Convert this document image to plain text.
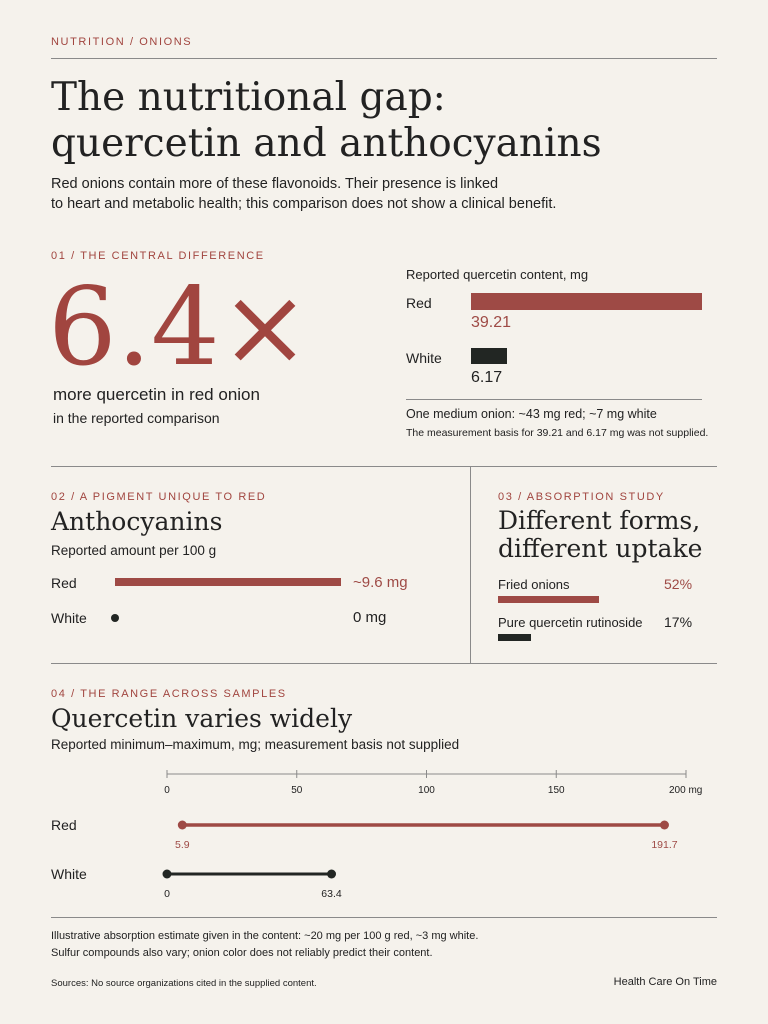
NUTRITION / ONIONS
The nutritional gap:
quercetin and anthocyanins
Red onions contain more of these flavonoids. Their presence is linked
to heart and metabolic health; this comparison does not show a clinical benefit.
01 / THE CENTRAL DIFFERENCE
6.4×
more quercetin in red onion
in the reported comparison
Reported quercetin content, mg
Red
39.21
White
6.17
One medium onion: ~43 mg red; ~7 mg white
The measurement basis for 39.21 and 6.17 mg was not supplied.
02 / A PIGMENT UNIQUE TO RED
Anthocyanins
Reported amount per 100 g
Red	~9.6 mg
White	0 mg
03 / ABSORPTION STUDY
Different forms,
different uptake
Fried onions	52%
Pure quercetin rutinoside 17%
04 / THE RANGE ACROSS SAMPLES
Quercetin varies widely
Reported minimum–maximum, mg; measurement basis not supplied
0	50	100	150	200 mg
Red
5.9	191.7
White
0	63.4
Illustrative absorption estimate given in the content: ~20 mg per 100 g red, ~3 mg white.
Sulfur compounds also vary; onion color does not reliably predict their content.
Sources: No source organizations cited in the supplied content.	Health Care On Time
